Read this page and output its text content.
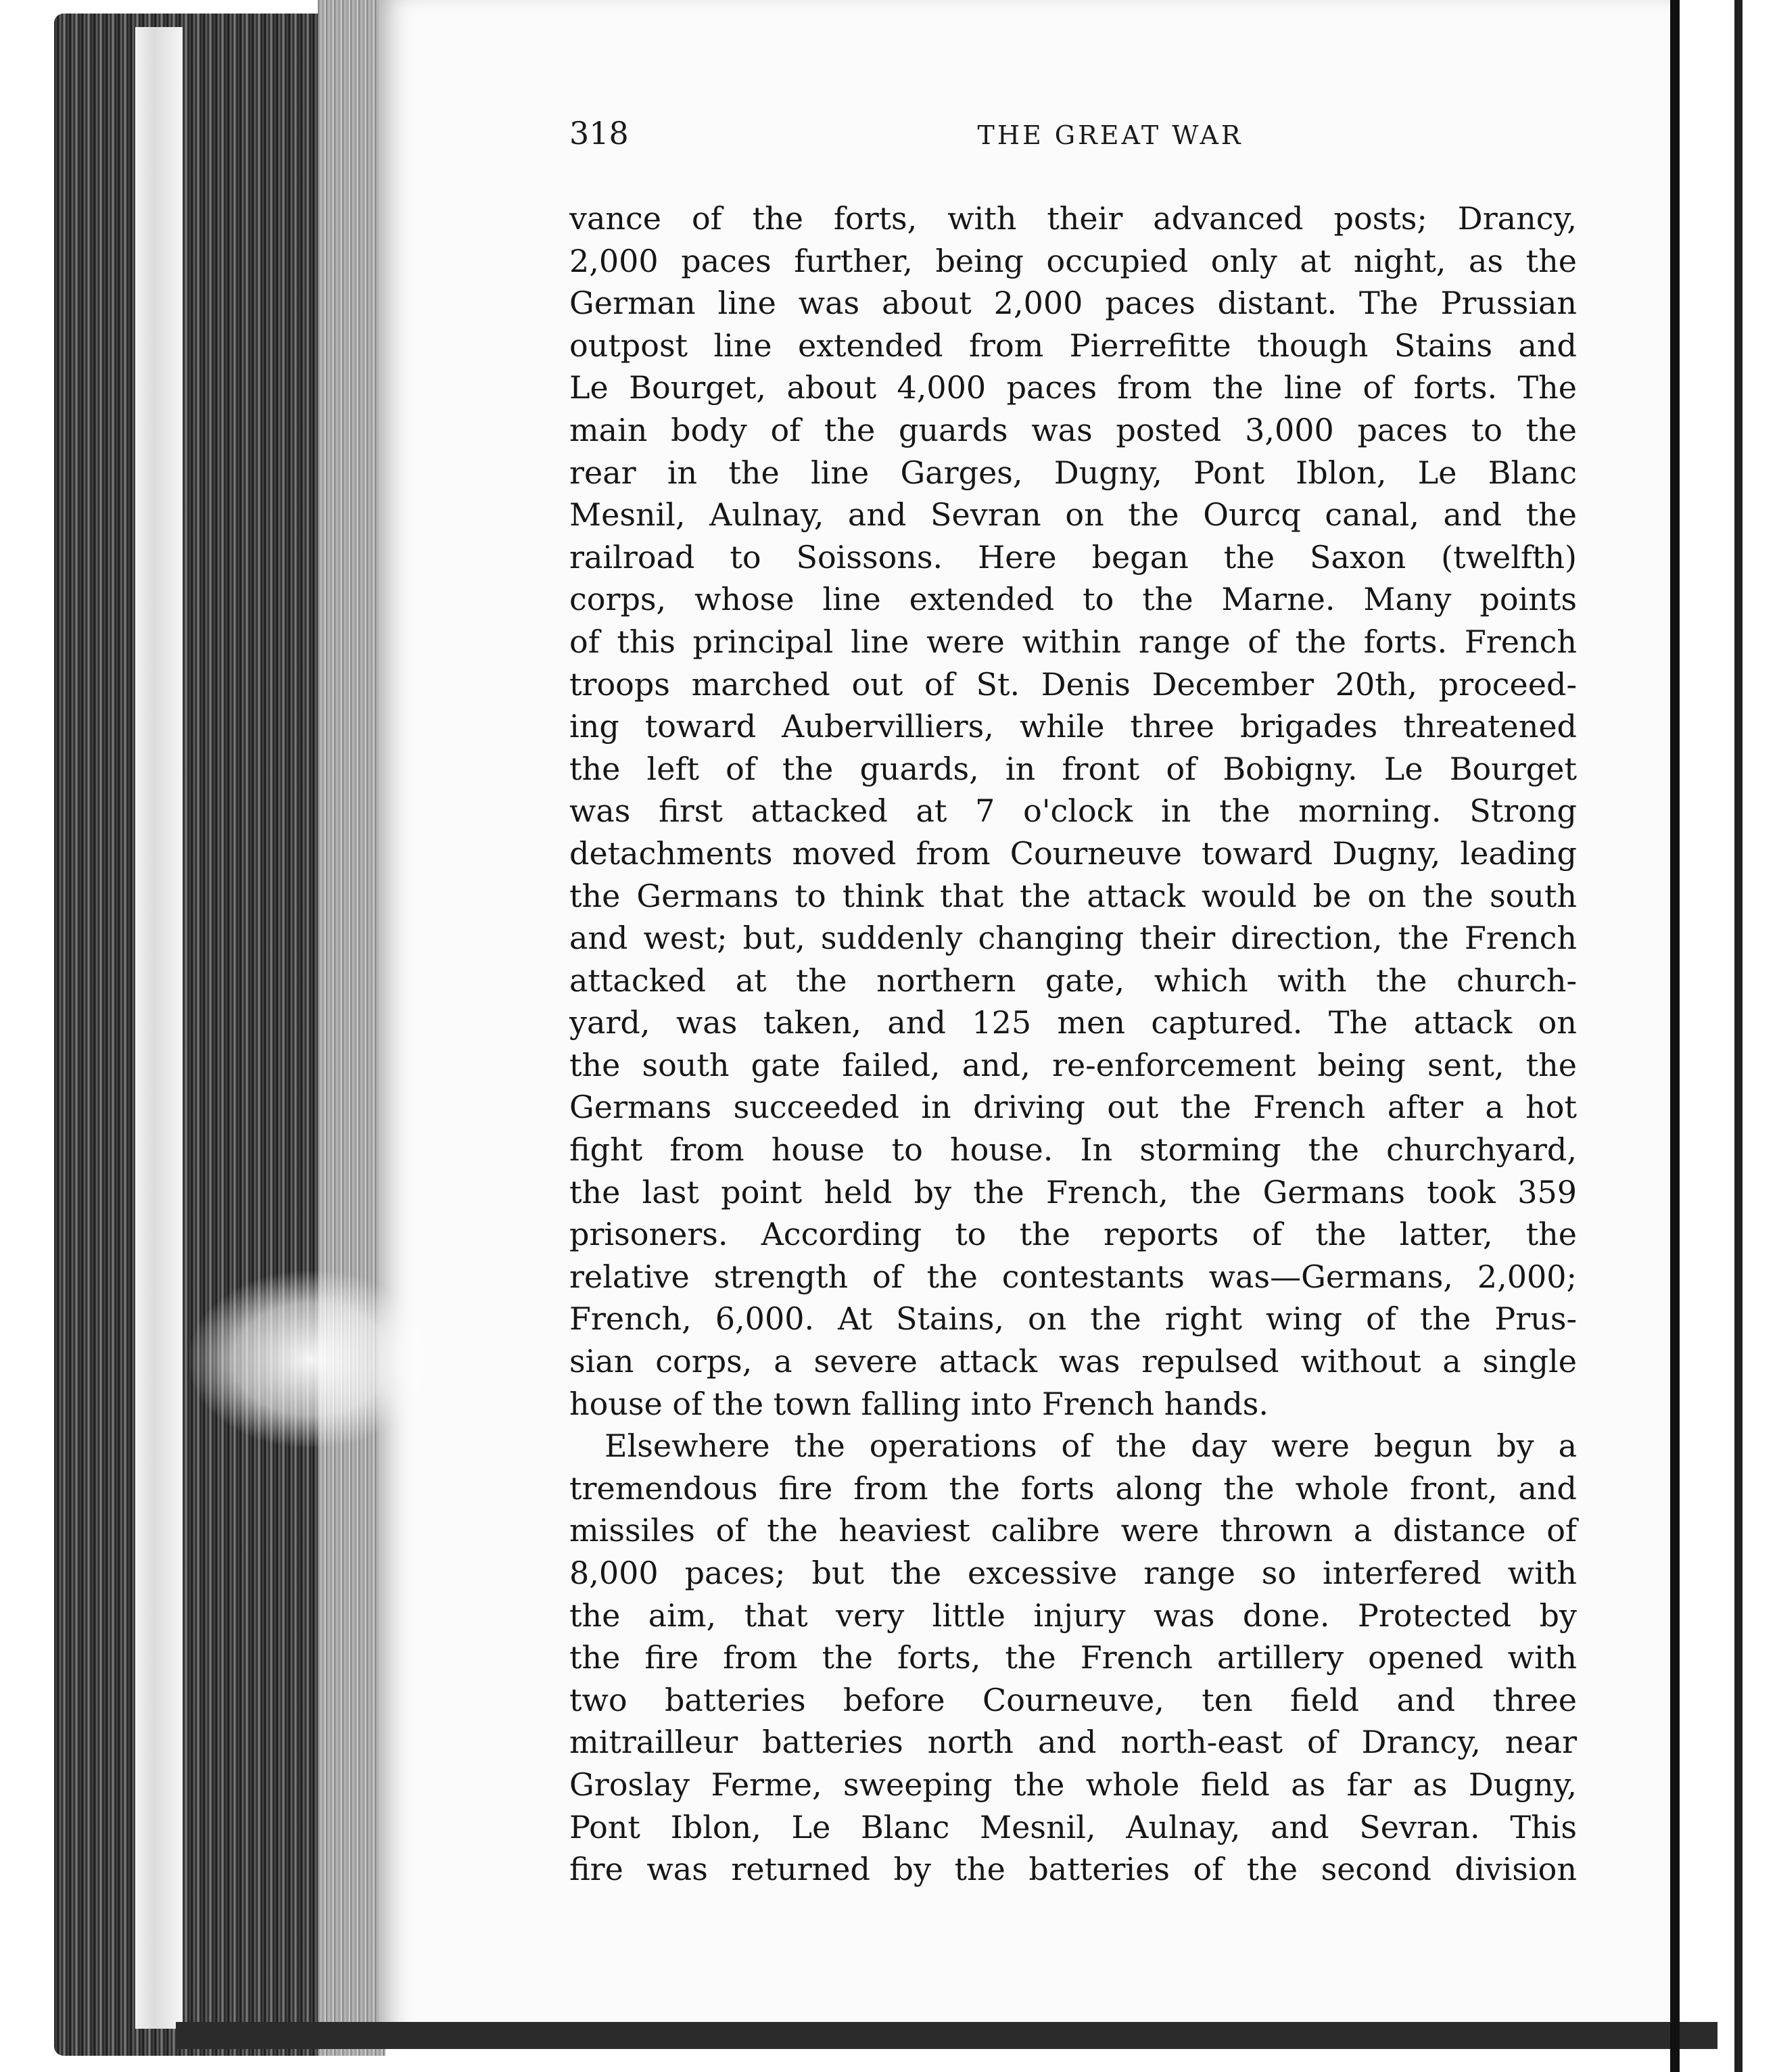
318	THE GREAT WAR
vance of the forts, with their advanced posts; Drancy,
2,000 paces further, being occupied only at night, as the
German line was about 2,000 paces distant. The Prussian
outpost line extended from Pierrefitte though Stains and
Le Bourget, about 4,000 paces from the line of forts. The
main body of the guards was posted 3,000 paces to the
rear in the line Garges, Dugny, Pont Iblon, Le Blanc
Mesnil, Aulnay, and Sevran on the Ourcq canal, and the
railroad to Soissons. Here began the Saxon (twelfth)
corps, whose line extended to the Marne. Many points
of this principal line were within range of the forts. French
troops marched out of St. Denis December 20th, proceed-
ing toward Aubervilliers, while three brigades threatened
the left of the guards, in front of Bobigny. Le Bourget
was first attacked at 7 o'clock in the morning. Strong
detachments moved from Courneuve toward Dugny, leading
the Germans to think that the attack would be on the south
and west; but, suddenly changing their direction, the French
attacked at the northern gate, which with the church-
yard, was taken, and 125 men captured. The attack on
the south gate failed, and, re-enforcement being sent, the
Germans succeeded in driving out the French after a hot
fight from house to house. In storming the churchyard,
the last point held by the French, the Germans took 359
prisoners. According to the reports of the latter, the
relative strength of the contestants was—Germans, 2,000;
French, 6,000. At Stains, on the right wing of the Prus-
sian corps, a severe attack was repulsed without a single
house of the town falling into French hands.
Elsewhere the operations of the day were begun by a
tremendous fire from the forts along the whole front, and
missiles of the heaviest calibre were thrown a distance of
8,000 paces; but the excessive range so interfered with
the aim, that very little injury was done. Protected by
the fire from the forts, the French artillery opened with
two batteries before Courneuve, ten field and three
mitrailleur batteries north and north-east of Drancy, near
Groslay Ferme, sweeping the whole field as far as Dugny,
Pont Iblon, Le Blanc Mesnil, Aulnay, and Sevran. This
fire was returned by the batteries of the second division
